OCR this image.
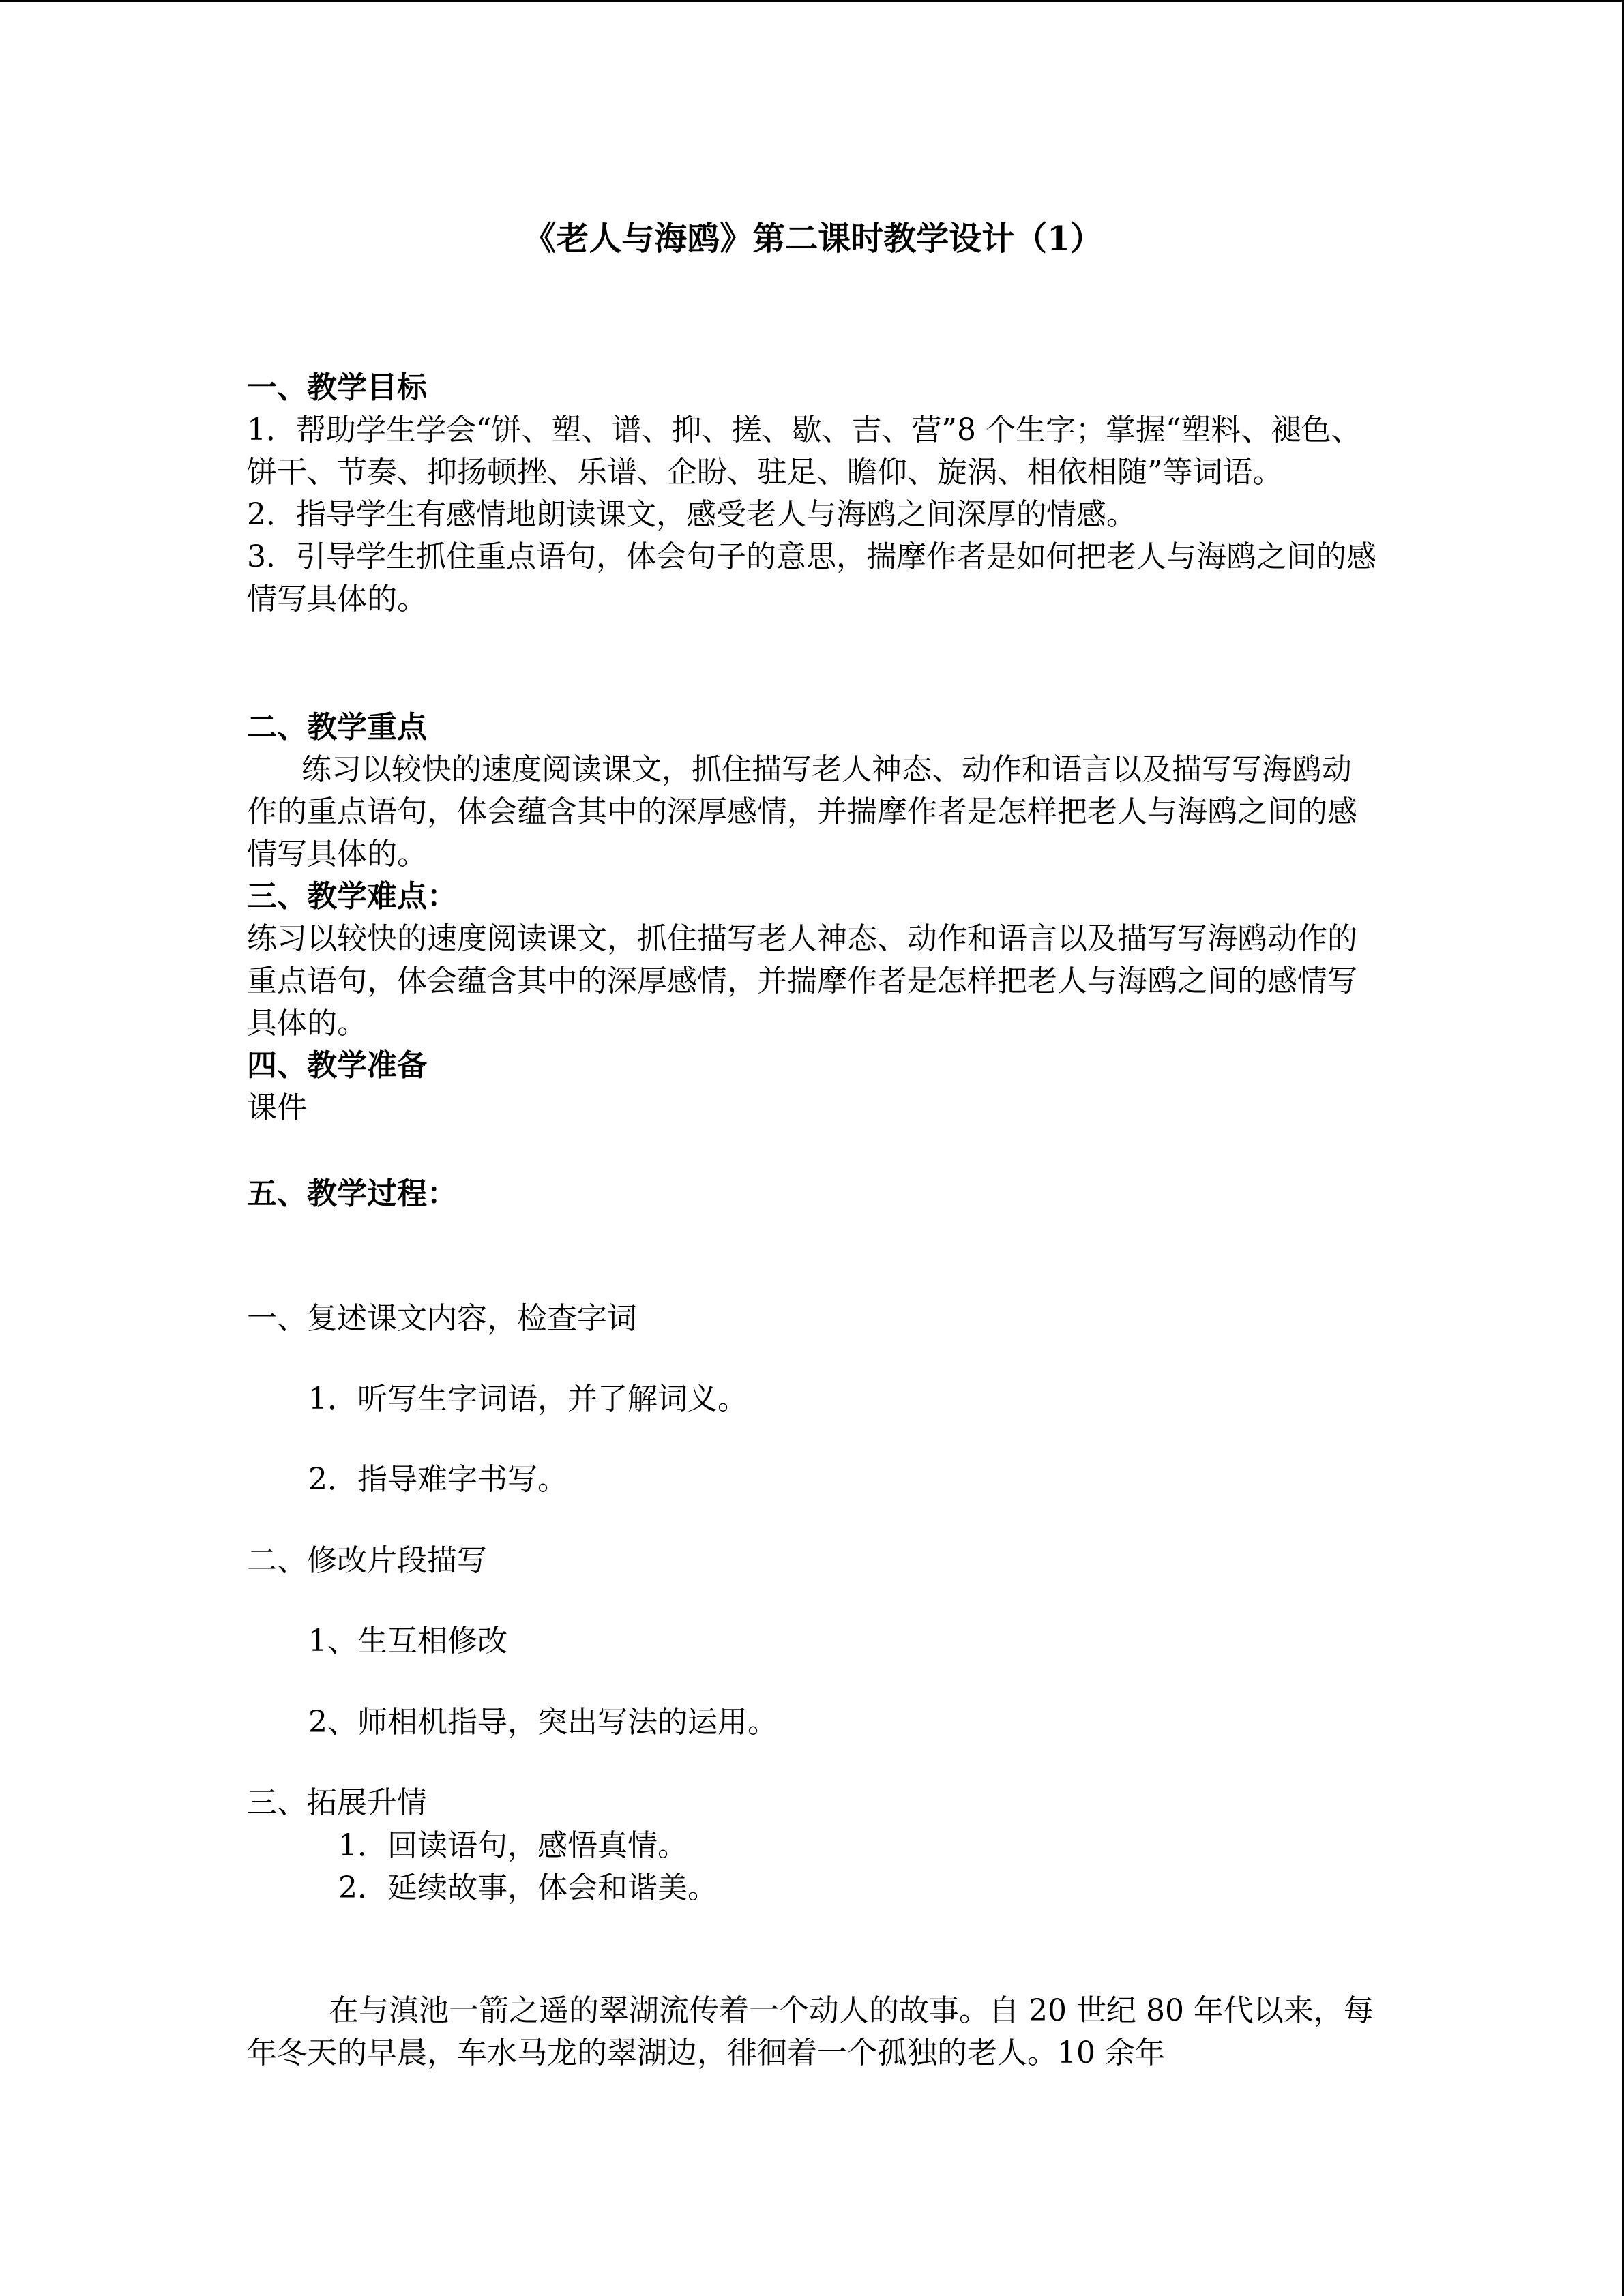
《老人与海鸥》第二课时教学设计（1）

一、教学目标

1．帮助学生学会“饼、塑、谱、抑、搓、歇、吉、营”8 个生字；掌握“塑料、褪色、饼干、节奏、抑扬顿挫、乐谱、企盼、驻足、瞻仰、旋涡、相依相随”等词语。

2．指导学生有感情地朗读课文，感受老人与海鸥之间深厚的情感。

3．引导学生抓住重点语句，体会句子的意思，揣摩作者是如何把老人与海鸥之间的感情写具体的。

二、教学重点

练习以较快的速度阅读课文，抓住描写老人神态、动作和语言以及描写写海鸥动作的重点语句，体会蕴含其中的深厚感情，并揣摩作者是怎样把老人与海鸥之间的感情写具体的。

三、教学难点：

练习以较快的速度阅读课文，抓住描写老人神态、动作和语言以及描写写海鸥动作的重点语句，体会蕴含其中的深厚感情，并揣摩作者是怎样把老人与海鸥之间的感情写具体的。

四、教学准备

课件

五、教学过程：

一、复述课文内容，检查字词

1．听写生字词语，并了解词义。

2．指导难字书写。

二、修改片段描写

1、生互相修改

2、师相机指导，突出写法的运用。

三、拓展升情

1．回读语句，感悟真情。

2．延续故事，体会和谐美。

在与滇池一箭之遥的翠湖流传着一个动人的故事。自 20 世纪 80 年代以来，每年冬天的早晨，车水马龙的翠湖边，徘徊着一个孤独的老人。10 余年
